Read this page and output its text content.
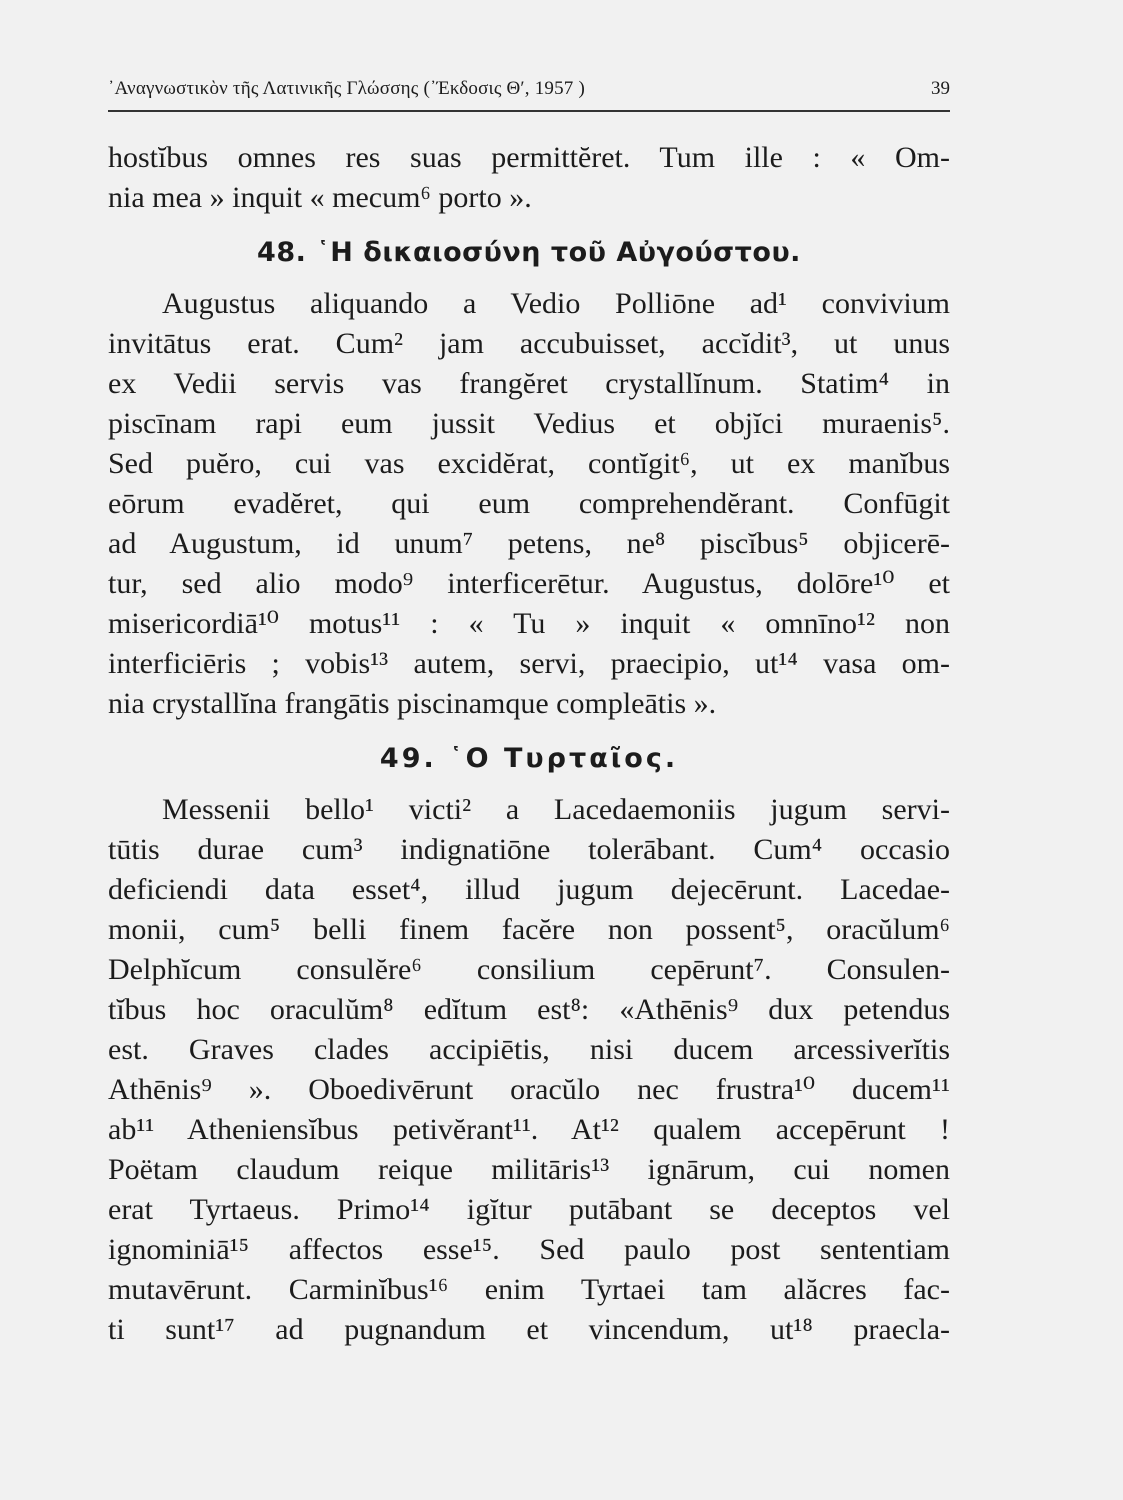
᾽Αναγνωστικὸν τῆς Λατινικῆς Γλώσσης (᾽Έκδοσις Θ′, 1957 )	39
hostĭbus omnes res suas permittĕret. Tum ille : « Om-
nia mea » inquit « mecum⁶ porto ».
48. ῾Η δικαιοσύνη τοῦ Αὐγούστου.
Augustus aliquando a Vedio Polliōne ad¹ convivium
invitātus erat. Cum² jam accubuisset, accĭdit³, ut unus
ex Vedii servis vas frangĕret crystallĭnum. Statim⁴ in
piscīnam rapi eum jussit Vedius et objĭci muraenis⁵.
Sed puĕro, cui vas excidĕrat, contĭgit⁶, ut ex manĭbus
eōrum evadĕret, qui eum comprehendĕrant. Confūgit
ad Augustum, id unum⁷ petens, ne⁸ piscĭbus⁵ objicerē-
tur, sed alio modo⁹ interficerētur. Augustus, dolōre¹⁰ et
misericordiā¹⁰ motus¹¹ : « Tu » inquit « omnīno¹² non
interficiēris ; vobis¹³ autem, servi, praecipio, ut¹⁴ vasa om-
nia crystallĭna frangātis piscinamque compleātis ».
49. ῾Ο Τυρταῖος.
Messenii bello¹ victi² a Lacedaemoniis jugum servi-
tūtis durae cum³ indignatiōne tolerābant. Cum⁴ occasio
deficiendi data esset⁴, illud jugum dejecērunt. Lacedae-
monii, cum⁵ belli finem facĕre non possent⁵, oracŭlum⁶
Delphĭcum consulĕre⁶ consilium cepērunt⁷. Consulen-
tĭbus hoc oraculŭm⁸ edĭtum est⁸: «Athēnis⁹ dux petendus
est. Graves clades accipiētis, nisi ducem arcessiverĭtis
Athēnis⁹ ». Oboedivērunt oracŭlo nec frustra¹⁰ ducem¹¹
ab¹¹ Atheniensĭbus petivĕrant¹¹. At¹² qualem accepērunt !
Poëtam claudum reique militāris¹³ ignārum, cui nomen
erat Tyrtaeus. Primo¹⁴ igĭtur putābant se deceptos vel
ignominiā¹⁵ affectos esse¹⁵. Sed paulo post sententiam
mutavērunt. Carminĭbus¹⁶ enim Tyrtaei tam alăcres fac-
ti sunt¹⁷ ad pugnandum et vincendum, ut¹⁸ praecla-
